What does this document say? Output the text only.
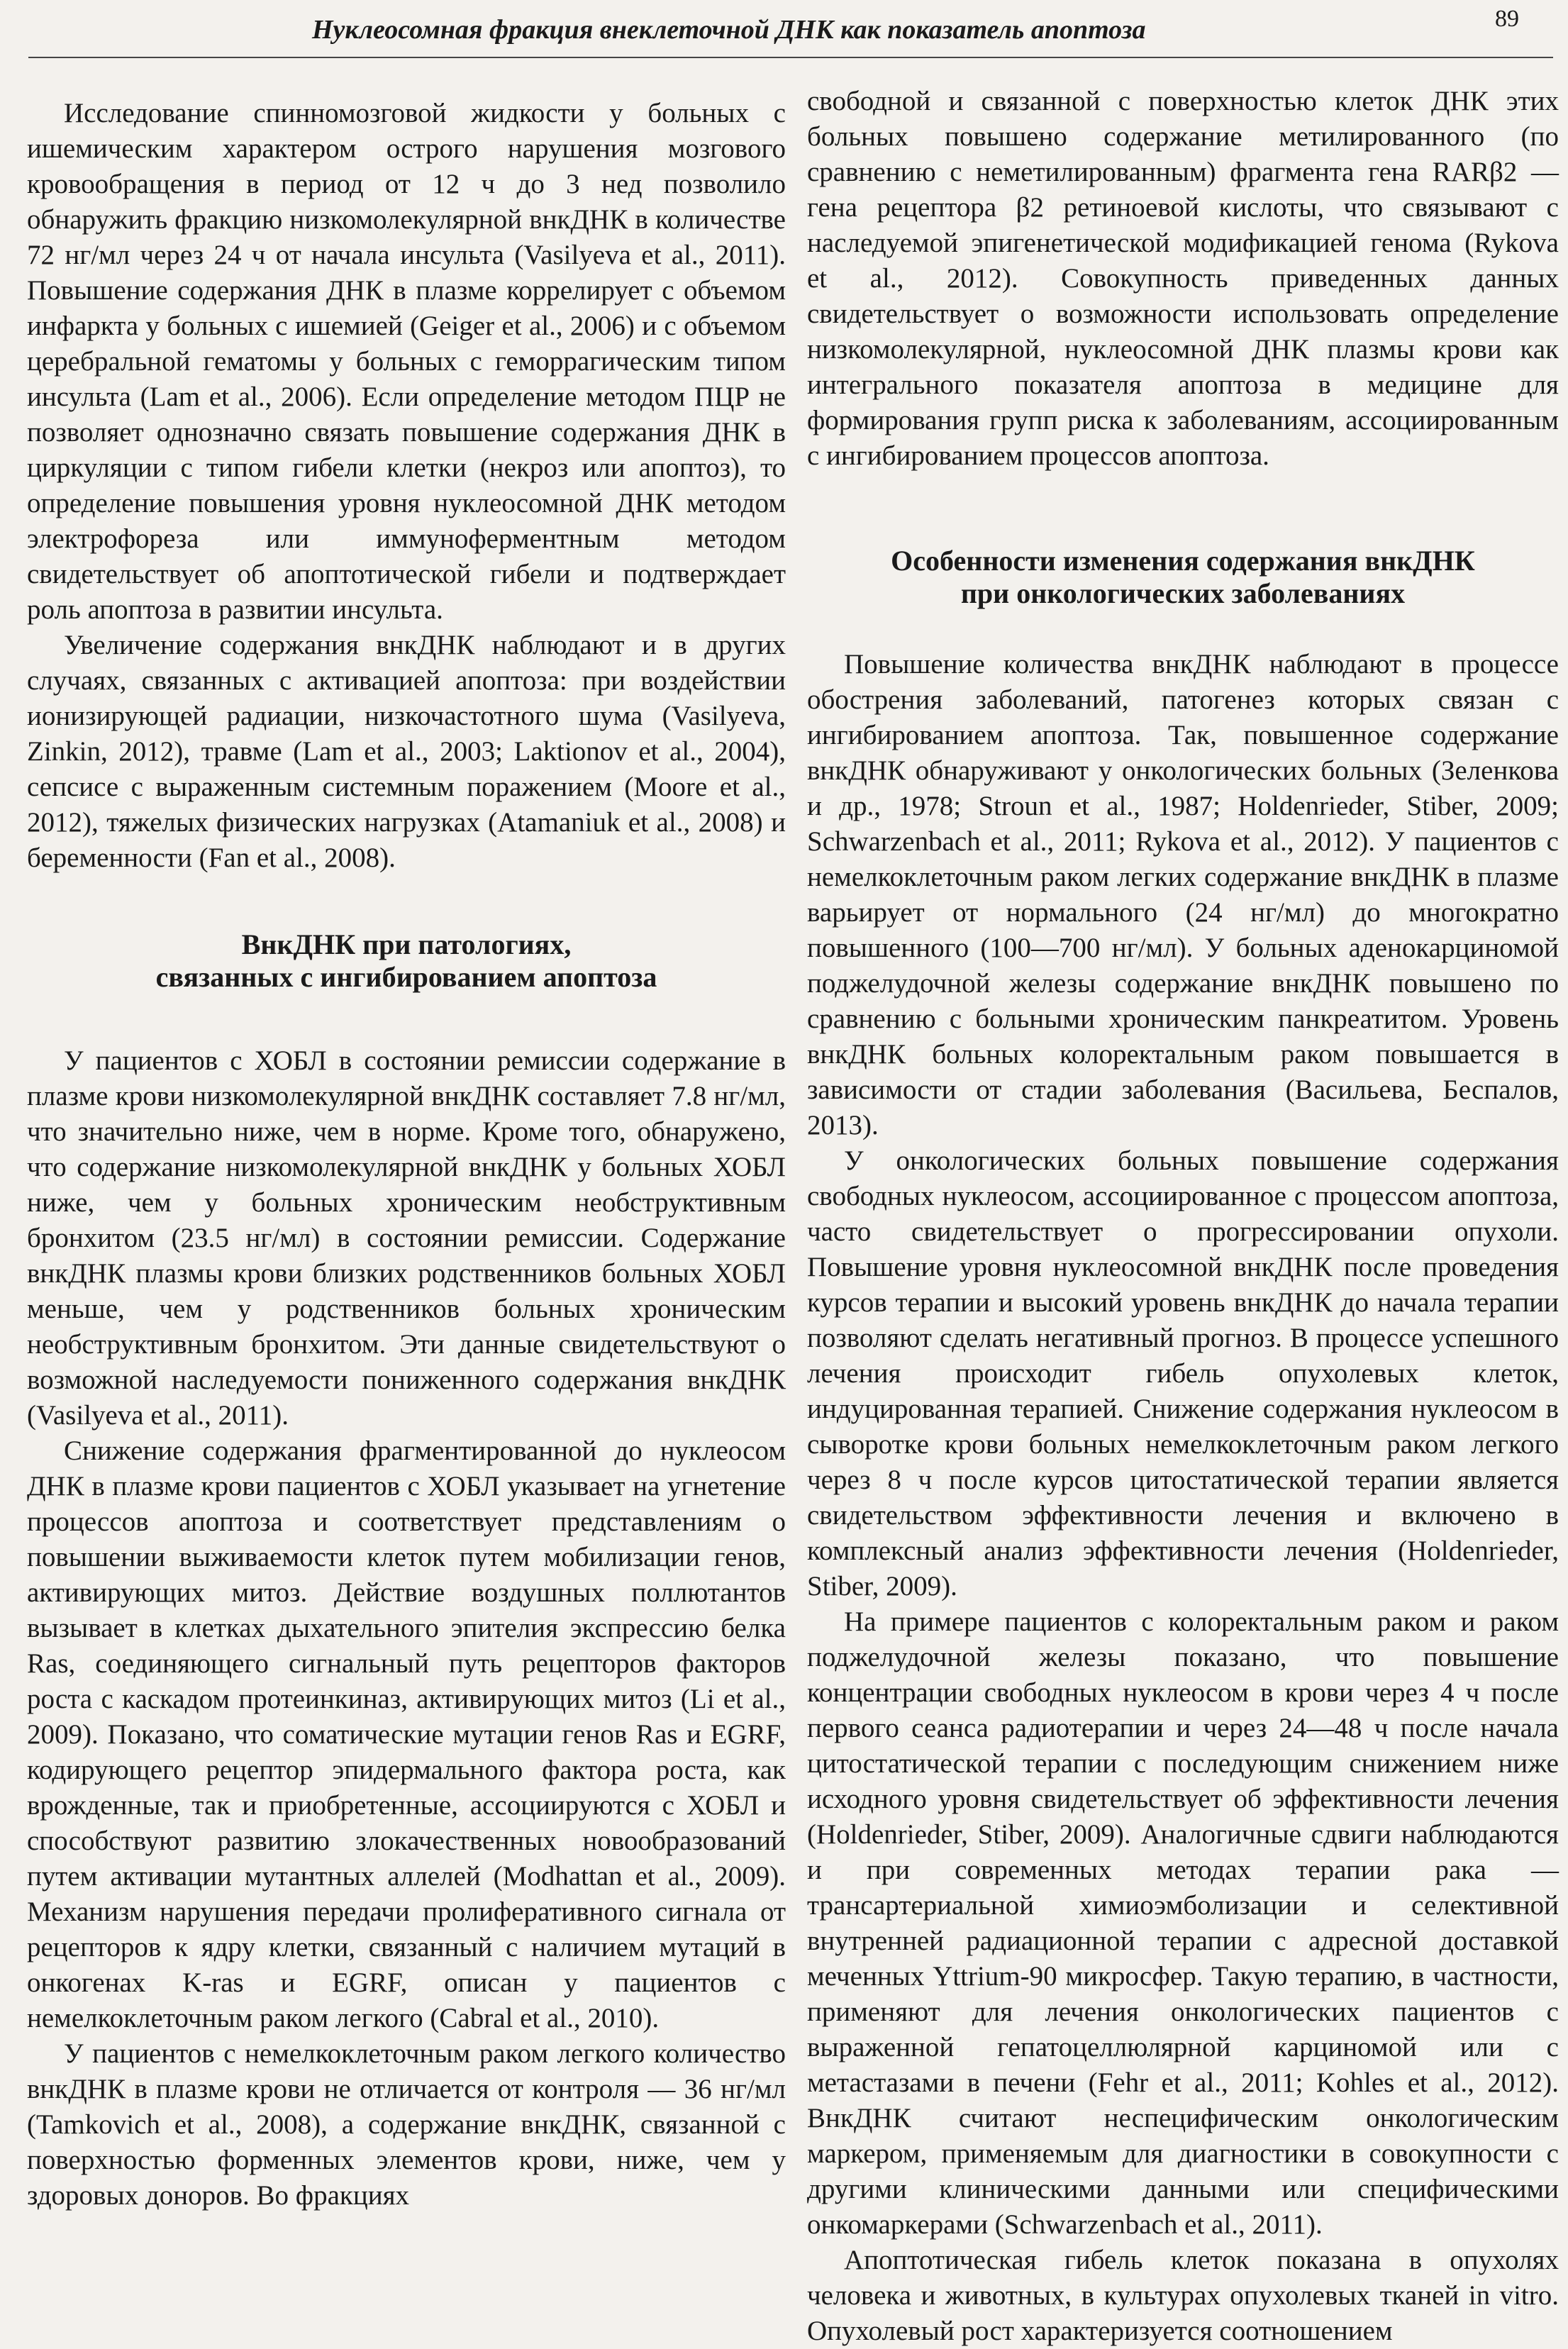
Нуклеосомная фракция внеклеточной ДНК как показатель апоптоза	89

Исследование спинномозговой жидкости у больных с ишемическим характером острого нарушения мозгового кровообращения в период от 12 ч до 3 нед позволило обнаружить фракцию низкомолекулярной внкДНК в количестве 72 нг/мл через 24 ч от начала инсульта (Vasilyeva et al., 2011). Повышение содержания ДНК в плазме коррелирует с объемом инфаркта у больных с ишемией (Geiger et al., 2006) и с объемом церебральной гематомы у больных с геморрагическим типом инсульта (Lam et al., 2006). Если определение методом ПЦР не позволяет однозначно связать повышение содержания ДНК в циркуляции с типом гибели клетки (некроз или апоптоз), то определение повышения уровня нуклеосомной ДНК методом электрофореза или иммуноферментным методом свидетельствует об апоптотической гибели и подтверждает роль апоптоза в развитии инсульта.

Увеличение содержания внкДНК наблюдают и в других случаях, связанных с активацией апоптоза: при воздействии ионизирующей радиации, низкочастотного шума (Vasilyeva, Zinkin, 2012), травме (Lam et al., 2003; Laktionov et al., 2004), сепсисе с выраженным системным поражением (Moore et al., 2012), тяжелых физических нагрузках (Atamaniuk et al., 2008) и беременности (Fan et al., 2008).

ВнкДНК при патологиях,
связанных с ингибированием апоптоза

У пациентов с ХОБЛ в состоянии ремиссии содержание в плазме крови низкомолекулярной внкДНК составляет 7.8 нг/мл, что значительно ниже, чем в норме. Кроме того, обнаружено, что содержание низкомолекулярной внкДНК у больных ХОБЛ ниже, чем у больных хроническим необструктивным бронхитом (23.5 нг/мл) в состоянии ремиссии. Содержание внкДНК плазмы крови близких родственников больных ХОБЛ меньше, чем у родственников больных хроническим необструктивным бронхитом. Эти данные свидетельствуют о возможной наследуемости пониженного содержания внкДНК (Vasilyeva et al., 2011).

Снижение содержания фрагментированной до нуклеосом ДНК в плазме крови пациентов с ХОБЛ указывает на угнетение процессов апоптоза и соответствует представлениям о повышении выживаемости клеток путем мобилизации генов, активирующих митоз. Действие воздушных поллютантов вызывает в клетках дыхательного эпителия экспрессию белка Ras, соединяющего сигнальный путь рецепторов факторов роста с каскадом протеинкиназ, активирующих митоз (Li et al., 2009). Показано, что соматические мутации генов Ras и EGRF, кодирующего рецептор эпидермального фактора роста, как врожденные, так и приобретенные, ассоциируются с ХОБЛ и способствуют развитию злокачественных новообразований путем активации мутантных аллелей (Modhattan et al., 2009). Механизм нарушения передачи пролиферативного сигнала от рецепторов к ядру клетки, связанный с наличием мутаций в онкогенах K-ras и EGRF, описан у пациентов с немелкоклеточным раком легкого (Cabral et al., 2010).

У пациентов с немелкоклеточным раком легкого количество внкДНК в плазме крови не отличается от контроля — 36 нг/мл (Tamkovich et al., 2008), а содержание внкДНК, связанной с поверхностью форменных элементов крови, ниже, чем у здоровых доноров. Во фракциях

свободной и связанной с поверхностью клеток ДНК этих больных повышено содержание метилированного (по сравнению с неметилированным) фрагмента гена RARβ2 — гена рецептора β2 ретиноевой кислоты, что связывают с наследуемой эпигенетической модификацией генома (Rykova et al., 2012). Совокупность приведенных данных свидетельствует о возможности использовать определение низкомолекулярной, нуклеосомной ДНК плазмы крови как интегрального показателя апоптоза в медицине для формирования групп риска к заболеваниям, ассоциированным с ингибированием процессов апоптоза.

Особенности изменения содержания внкДНК
при онкологических заболеваниях

Повышение количества внкДНК наблюдают в процессе обострения заболеваний, патогенез которых связан с ингибированием апоптоза. Так, повышенное содержание внкДНК обнаруживают у онкологических больных (Зеленкова и др., 1978; Stroun et al., 1987; Holdenrieder, Stiber, 2009; Schwarzenbach et al., 2011; Rykova et al., 2012). У пациентов с немелкоклеточным раком легких содержание внкДНК в плазме варьирует от нормального (24 нг/мл) до многократно повышенного (100—700 нг/мл). У больных аденокарциномой поджелудочной железы содержание внкДНК повышено по сравнению с больными хроническим панкреатитом. Уровень внкДНК больных колоректальным раком повышается в зависимости от стадии заболевания (Васильева, Беспалов, 2013).

У онкологических больных повышение содержания свободных нуклеосом, ассоциированное с процессом апоптоза, часто свидетельствует о прогрессировании опухоли. Повышение уровня нуклеосомной внкДНК после проведения курсов терапии и высокий уровень внкДНК до начала терапии позволяют сделать негативный прогноз. В процессе успешного лечения происходит гибель опухолевых клеток, индуцированная терапией. Снижение содержания нуклеосом в сыворотке крови больных немелкоклеточным раком легкого через 8 ч после курсов цитостатической терапии является свидетельством эффективности лечения и включено в комплексный анализ эффективности лечения (Holdenrieder, Stiber, 2009).

На примере пациентов с колоректальным раком и раком поджелудочной железы показано, что повышение концентрации свободных нуклеосом в крови через 4 ч после первого сеанса радиотерапии и через 24—48 ч после начала цитостатической терапии с последующим снижением ниже исходного уровня свидетельствует об эффективности лечения (Holdenrieder, Stiber, 2009). Аналогичные сдвиги наблюдаются и при современных методах терапии рака — трансартериальной химиоэмболизации и селективной внутренней радиационной терапии с адресной доставкой меченных Yttrium-90 микросфер. Такую терапию, в частности, применяют для лечения онкологических пациентов с выраженной гепатоцеллюлярной карциномой или с метастазами в печени (Fehr et al., 2011; Kohles et al., 2012). ВнкДНК считают неспецифическим онкологическим маркером, применяемым для диагностики в совокупности с другими клиническими данными или специфическими онкомаркерами (Schwarzenbach et al., 2011).

Апоптотическая гибель клеток показана в опухолях человека и животных, в культурах опухолевых тканей in vitro. Опухолевый рост характеризуется соотношением
